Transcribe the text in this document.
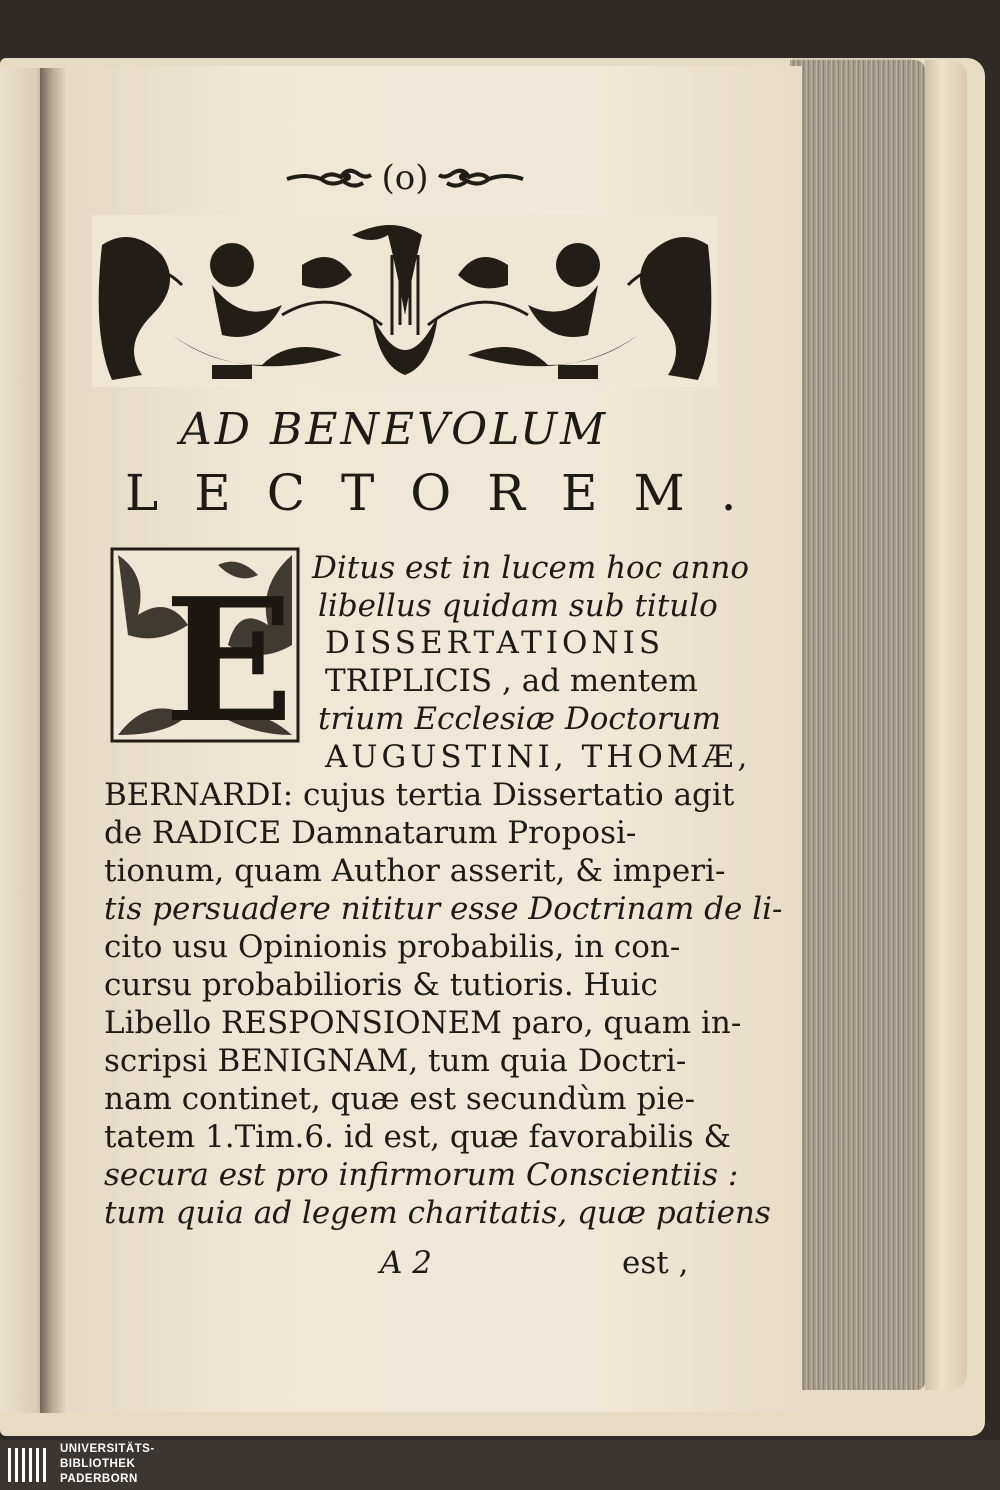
(o)
AD BENEVOLUM
LECTOREM.
E Ditus est in lucem hoc anno
libellus quidam sub titulo
DISSERTATIONIS
TRIPLICIS , ad mentem
trium Ecclesiæ Doctorum
AUGUSTINI, THOMÆ,
BERNARDI: cujus tertia Dissertatio agit
de RADICE Damnatarum Proposi-
tionum, quam Author asserit, & imperi-
tis persuadere nititur esse Doctrinam de li-
cito usu Opinionis probabilis, in con-
cursu probabilioris & tutioris. Huic
Libello RESPONSIONEM paro, quam in-
scripsi BENIGNAM, tum quia Doctri-
nam continet, quæ est secundùm pie-
tatem 1.Tim.6. id est, quæ favorabilis &
secura est pro infirmorum Conscientiis :
tum quia ad legem charitatis, quæ patiens
A 2	est ,
UNIVERSITÄTS-
BIBLIOTHEK
PADERBORN
